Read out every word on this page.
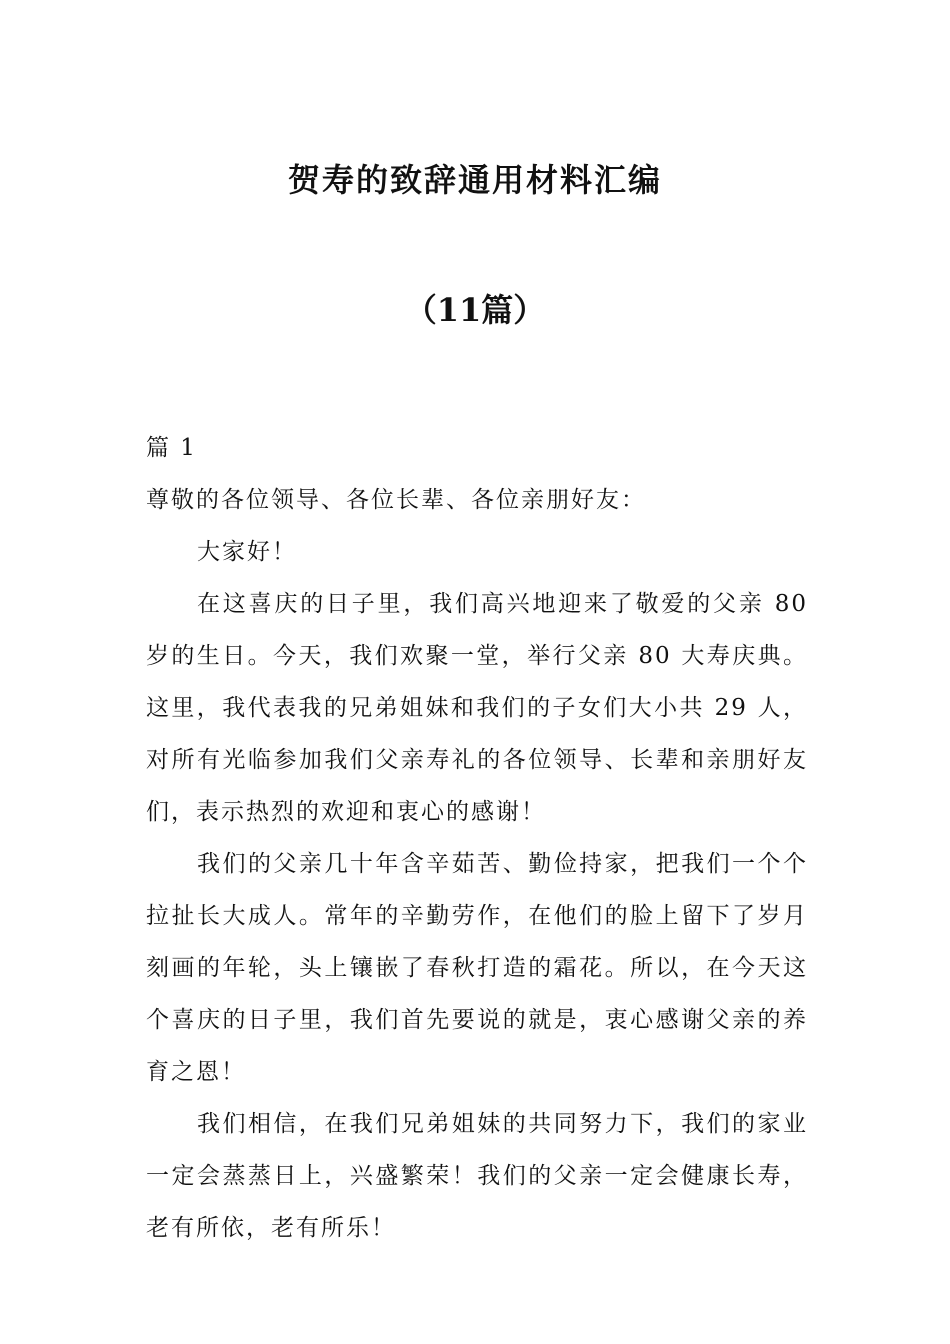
贺寿的致辞通用材料汇编
（11篇）

篇 1

尊敬的各位领导、各位长辈、各位亲朋好友：

大家好！

在这喜庆的日子里，我们高兴地迎来了敬爱的父亲 80 岁的生日。今天，我们欢聚一堂，举行父亲 80 大寿庆典。这里，我代表我的兄弟姐妹和我们的子女们大小共 29 人，对所有光临参加我们父亲寿礼的各位领导、长辈和亲朋好友们，表示热烈的欢迎和衷心的感谢！

我们的父亲几十年含辛茹苦、勤俭持家，把我们一个个拉扯长大成人。常年的辛勤劳作，在他们的脸上留下了岁月刻画的年轮，头上镶嵌了春秋打造的霜花。所以，在今天这个喜庆的日子里，我们首先要说的就是，衷心感谢父亲的养育之恩！

我们相信，在我们兄弟姐妹的共同努力下，我们的家业一定会蒸蒸日上，兴盛繁荣！我们的父亲一定会健康长寿，老有所依，老有所乐！
